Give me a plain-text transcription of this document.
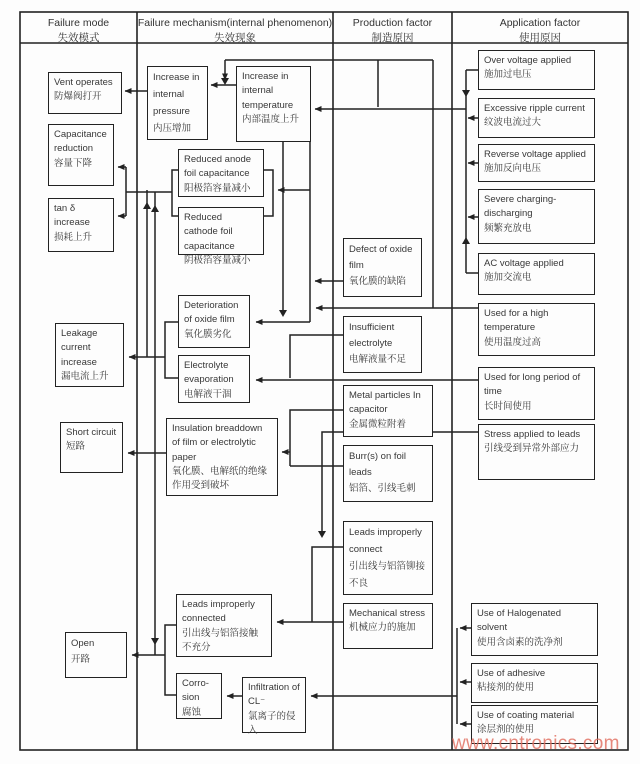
Failure mode
失效模式
Failure mechanism(internal phenomenon)
失效现象
Production factor
制造原因
Application factor
使用原因
Vent operates
防爆阀打开
Capacitance reduction
容量下降
tan δ increase
损耗上升
Leakage current increase
漏电流上升
Short circuit
短路
Open
开路
Increase in internal pressure
内压增加
Increase in internal temperature
内部温度上升
Reduced anode foil capacitance
阳极箔容量减小
Reduced cathode foil capacitance
阴极箔容量减小
Deterioration of oxide film
氧化膜劣化
Electrolyte evaporation
电解液干涸
Insulation breaddown of film or electrolytic paper
氧化膜、电解纸的绝缘作用受到破坏
Leads improperly connected
引出线与铝箔接触不充分
Corro-sion
腐蚀
Infiltration of CL⁻
氯离子的侵入
Defect of oxide film
氧化膜的缺陷
Insufficient electrolyte
电解液量不足
Metal particles In capacitor
金属微粒附着
Burr(s) on foil leads
铝箔、引线毛刺
Leads improperly connect
引出线与铝箔铆接不良
Mechanical stress
机械应力的施加
Over voltage applied
施加过电压
Excessive ripple current
纹波电流过大
Reverse voltage applied
施加反向电压
Severe charging-discharging
频繁充放电
AC voltage applied
施加交流电
Used for a high temperature
使用温度过高
Used for long period of time
长时间使用
Stress applied to leads
引线受到异常外部应力
Use of Halogenated solvent
使用含卤素的洗净剂
Use of adhesive
粘接剂的使用
Use of coating material
涂层剂的使用
www.cntronics.com
